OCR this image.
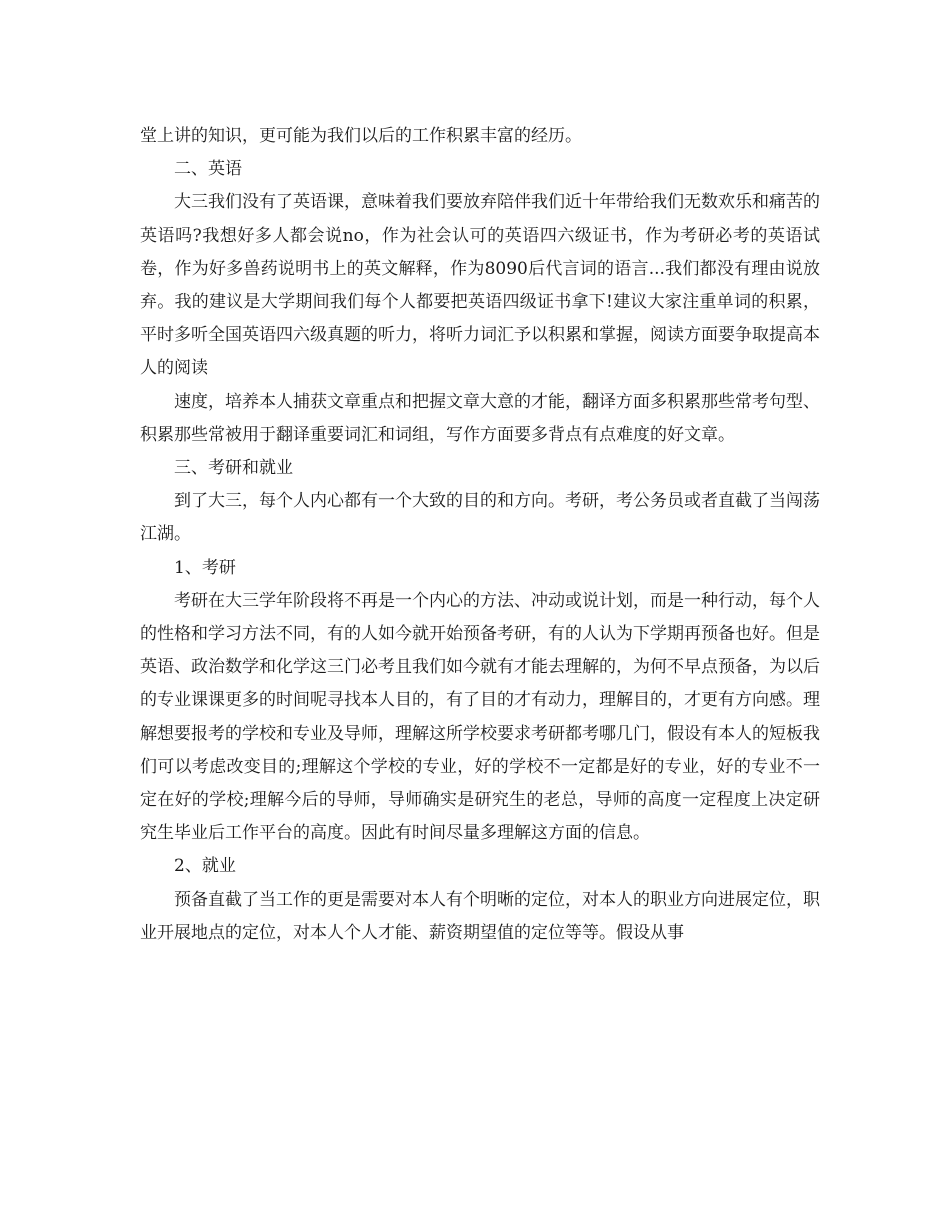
堂上讲的知识，更可能为我们以后的工作积累丰富的经历。

二、英语

大三我们没有了英语课，意味着我们要放弃陪伴我们近十年带给我们无数欢乐和痛苦的英语吗?我想好多人都会说no，作为社会认可的英语四六级证书，作为考研必考的英语试卷，作为好多兽药说明书上的英文解释，作为8090后代言词的语言...我们都没有理由说放弃。我的建议是大学期间我们每个人都要把英语四级证书拿下!建议大家注重单词的积累，平时多听全国英语四六级真题的听力，将听力词汇予以积累和掌握，阅读方面要争取提高本人的阅读

速度，培养本人捕获文章重点和把握文章大意的才能，翻译方面多积累那些常考句型、积累那些常被用于翻译重要词汇和词组，写作方面要多背点有点难度的好文章。

三、考研和就业

到了大三，每个人内心都有一个大致的目的和方向。考研，考公务员或者直截了当闯荡江湖。

1、考研

考研在大三学年阶段将不再是一个内心的方法、冲动或说计划，而是一种行动，每个人的性格和学习方法不同，有的人如今就开始预备考研，有的人认为下学期再预备也好。但是英语、政治数学和化学这三门必考且我们如今就有才能去理解的，为何不早点预备，为以后的专业课课更多的时间呢寻找本人目的，有了目的才有动力，理解目的，才更有方向感。理解想要报考的学校和专业及导师，理解这所学校要求考研都考哪几门，假设有本人的短板我们可以考虑改变目的;理解这个学校的专业，好的学校不一定都是好的专业，好的专业不一定在好的学校;理解今后的导师，导师确实是研究生的老总，导师的高度一定程度上决定研究生毕业后工作平台的高度。因此有时间尽量多理解这方面的信息。

2、就业

预备直截了当工作的更是需要对本人有个明晰的定位，对本人的职业方向进展定位，职业开展地点的定位，对本人个人才能、薪资期望值的定位等等。假设从事
